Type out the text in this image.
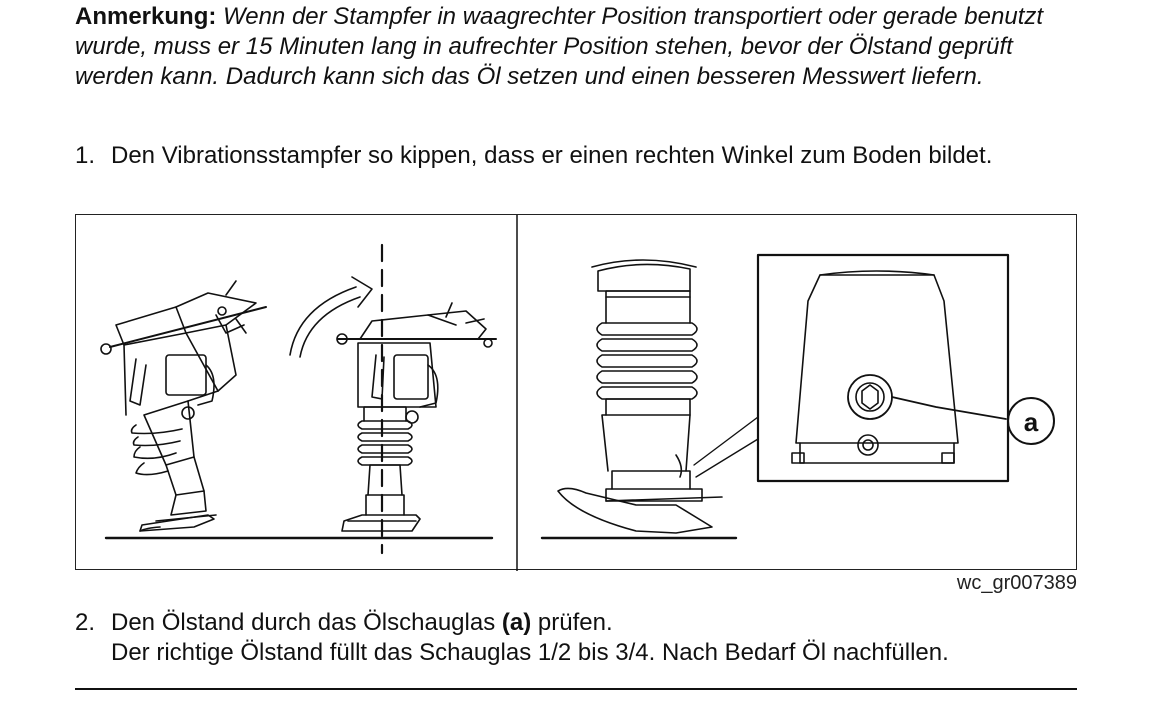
Anmerkung: Wenn der Stampfer in waagrechter Position transportiert oder gerade benutzt wurde, muss er 15 Minuten lang in aufrechter Position stehen, bevor der Ölstand geprüft werden kann. Dadurch kann sich das Öl setzen und einen besseren Messwert liefern.
1. Den Vibrationsstampfer so kippen, dass er einen rechten Winkel zum Boden bildet.
a
wc_gr007389
2. Den Ölstand durch das Ölschauglas (a) prüfen.
Der richtige Ölstand füllt das Schauglas 1/2 bis 3/4. Nach Bedarf Öl nachfüllen.
